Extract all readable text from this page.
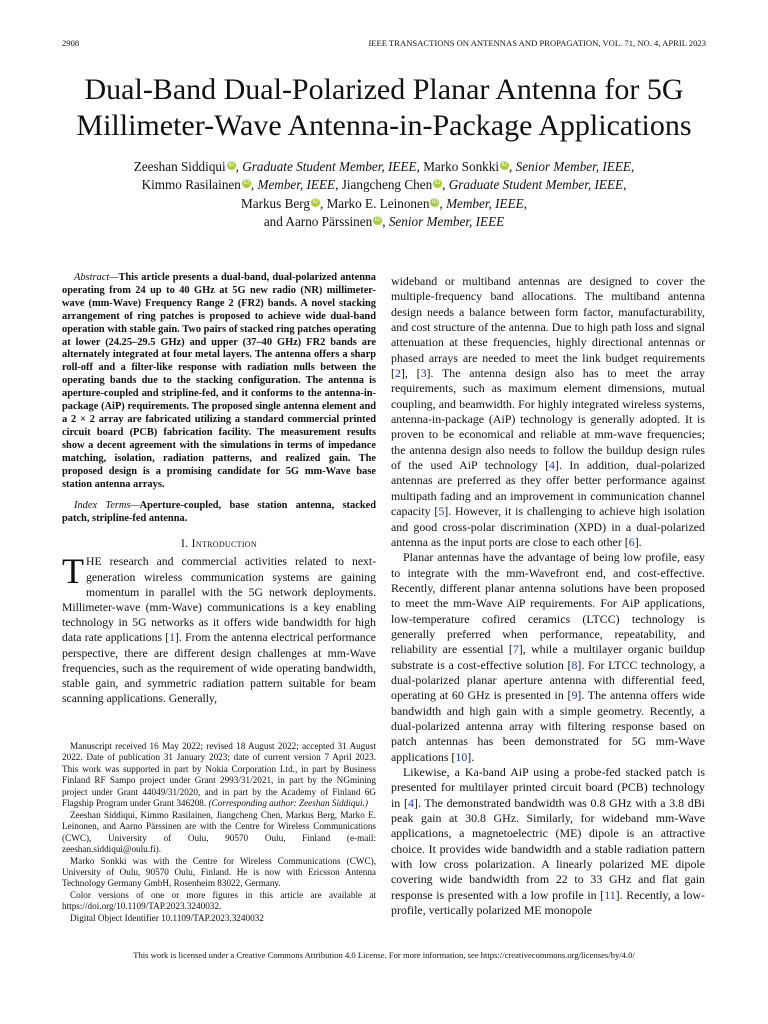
2908	IEEE TRANSACTIONS ON ANTENNAS AND PROPAGATION, VOL. 71, NO. 4, APRIL 2023
Dual-Band Dual-Polarized Planar Antenna for 5G
Millimeter-Wave Antenna-in-Package Applications
Zeeshan Siddiqui iD , Graduate Student Member, IEEE, Marko Sonkki iD , Senior Member, IEEE,
Kimmo Rasilainen iD , Member, IEEE, Jiangcheng Chen iD , Graduate Student Member, IEEE,
Markus Berg iD , Marko E. Leinonen iD , Member, IEEE,
and Aarno Pärssinen iD , Senior Member, IEEE

Abstract—This article presents a dual-band, dual-polarized antenna operating from 24 up to 40 GHz at 5G new radio (NR) millimeter-wave (mm-Wave) Frequency Range 2 (FR2) bands. A novel stacking arrangement of ring patches is proposed to achieve wide dual-band operation with stable gain. Two pairs of stacked ring patches operating at lower (24.25–29.5 GHz) and upper (37–40 GHz) FR2 bands are alternately integrated at four metal layers. The antenna offers a sharp roll-off and a filter-like response with radiation nulls between the operating bands due to the stacking configuration. The antenna is aperture-coupled and stripline-fed, and it conforms to the antenna-in-package (AiP) requirements. The proposed single antenna element and a 2 × 2 array are fabricated utilizing a standard commercial printed circuit board (PCB) fabrication facility. The measurement results show a decent agreement with the simulations in terms of impedance matching, isolation, radiation patterns, and realized gain. The proposed design is a promising candidate for 5G mm-Wave base station antenna arrays.

Index Terms—Aperture-coupled, base station antenna, stacked patch, stripline-fed antenna.

I. Introduction

THE research and commercial activities related to next-generation wireless communication systems are gaining momentum in parallel with the 5G network deployments. Millimeter-wave (mm-Wave) communications is a key enabling technology in 5G networks as it offers wide bandwidth for high data rate applications [1]. From the antenna electrical performance perspective, there are different design challenges at mm-Wave frequencies, such as the requirement of wide operating bandwidth, stable gain, and symmetric radiation pattern suitable for beam scanning applications. Generally,

Manuscript received 16 May 2022; revised 18 August 2022; accepted 31 August 2022. Date of publication 31 January 2023; date of current version 7 April 2023. This work was supported in part by Nokia Corporation Ltd., in part by Business Finland RF Sampo project under Grant 2993/31/2021, in part by the NGmining project under Grant 44049/31/2020, and in part by the Academy of Finland 6G Flagship Program under Grant 346208. (Corresponding author: Zeeshan Siddiqui.)

Zeeshan Siddiqui, Kimmo Rasilainen, Jiangcheng Chen, Markus Berg, Marko E. Leinonen, and Aarno Pärssinen are with the Centre for Wireless Communications (CWC), University of Oulu, 90570 Oulu, Finland (e-mail: zeeshan.siddiqui@oulu.fi).

Marko Sonkki was with the Centre for Wireless Communications (CWC), University of Oulu, 90570 Oulu, Finland. He is now with Ericsson Antenna Technology Germany GmbH, Rosenheim 83022, Germany.

Color versions of one or more figures in this article are available at https://doi.org/10.1109/TAP.2023.3240032.

Digital Object Identifier 10.1109/TAP.2023.3240032

wideband or multiband antennas are designed to cover the multiple-frequency band allocations. The multiband antenna design needs a balance between form factor, manufacturability, and cost structure of the antenna. Due to high path loss and signal attenuation at these frequencies, highly directional antennas or phased arrays are needed to meet the link budget requirements [2], [3]. The antenna design also has to meet the array requirements, such as maximum element dimensions, mutual coupling, and beamwidth. For highly integrated wireless systems, antenna-in-package (AiP) technology is generally adopted. It is proven to be economical and reliable at mm-wave frequencies; the antenna design also needs to follow the buildup design rules of the used AiP technology [4]. In addition, dual-polarized antennas are preferred as they offer better performance against multipath fading and an improvement in communication channel capacity [5]. However, it is challenging to achieve high isolation and good cross-polar discrimination (XPD) in a dual-polarized antenna as the input ports are close to each other [6].

Planar antennas have the advantage of being low profile, easy to integrate with the mm-Wavefront end, and cost-effective. Recently, different planar antenna solutions have been proposed to meet the mm-Wave AiP requirements. For AiP applications, low-temperature cofired ceramics (LTCC) technology is generally preferred when performance, repeatability, and reliability are essential [7], while a multilayer organic buildup substrate is a cost-effective solution [8]. For LTCC technology, a dual-polarized planar aperture antenna with differential feed, operating at 60 GHz is presented in [9]. The antenna offers wide bandwidth and high gain with a simple geometry. Recently, a dual-polarized antenna array with filtering response based on patch antennas has been demonstrated for 5G mm-Wave applications [10].

Likewise, a Ka-band AiP using a probe-fed stacked patch is presented for multilayer printed circuit board (PCB) technology in [4]. The demonstrated bandwidth was 0.8 GHz with a 3.8 dBi peak gain at 30.8 GHz. Similarly, for wideband mm-Wave applications, a magnetoelectric (ME) dipole is an attractive choice. It provides wide bandwidth and a stable radiation pattern with low cross polarization. A linearly polarized ME dipole covering wide bandwidth from 22 to 33 GHz and flat gain response is presented with a low profile in [11]. Recently, a low-profile, vertically polarized ME monopole

This work is licensed under a Creative Commons Attribution 4.0 License. For more information, see https://creativecommons.org/licenses/by/4.0/
